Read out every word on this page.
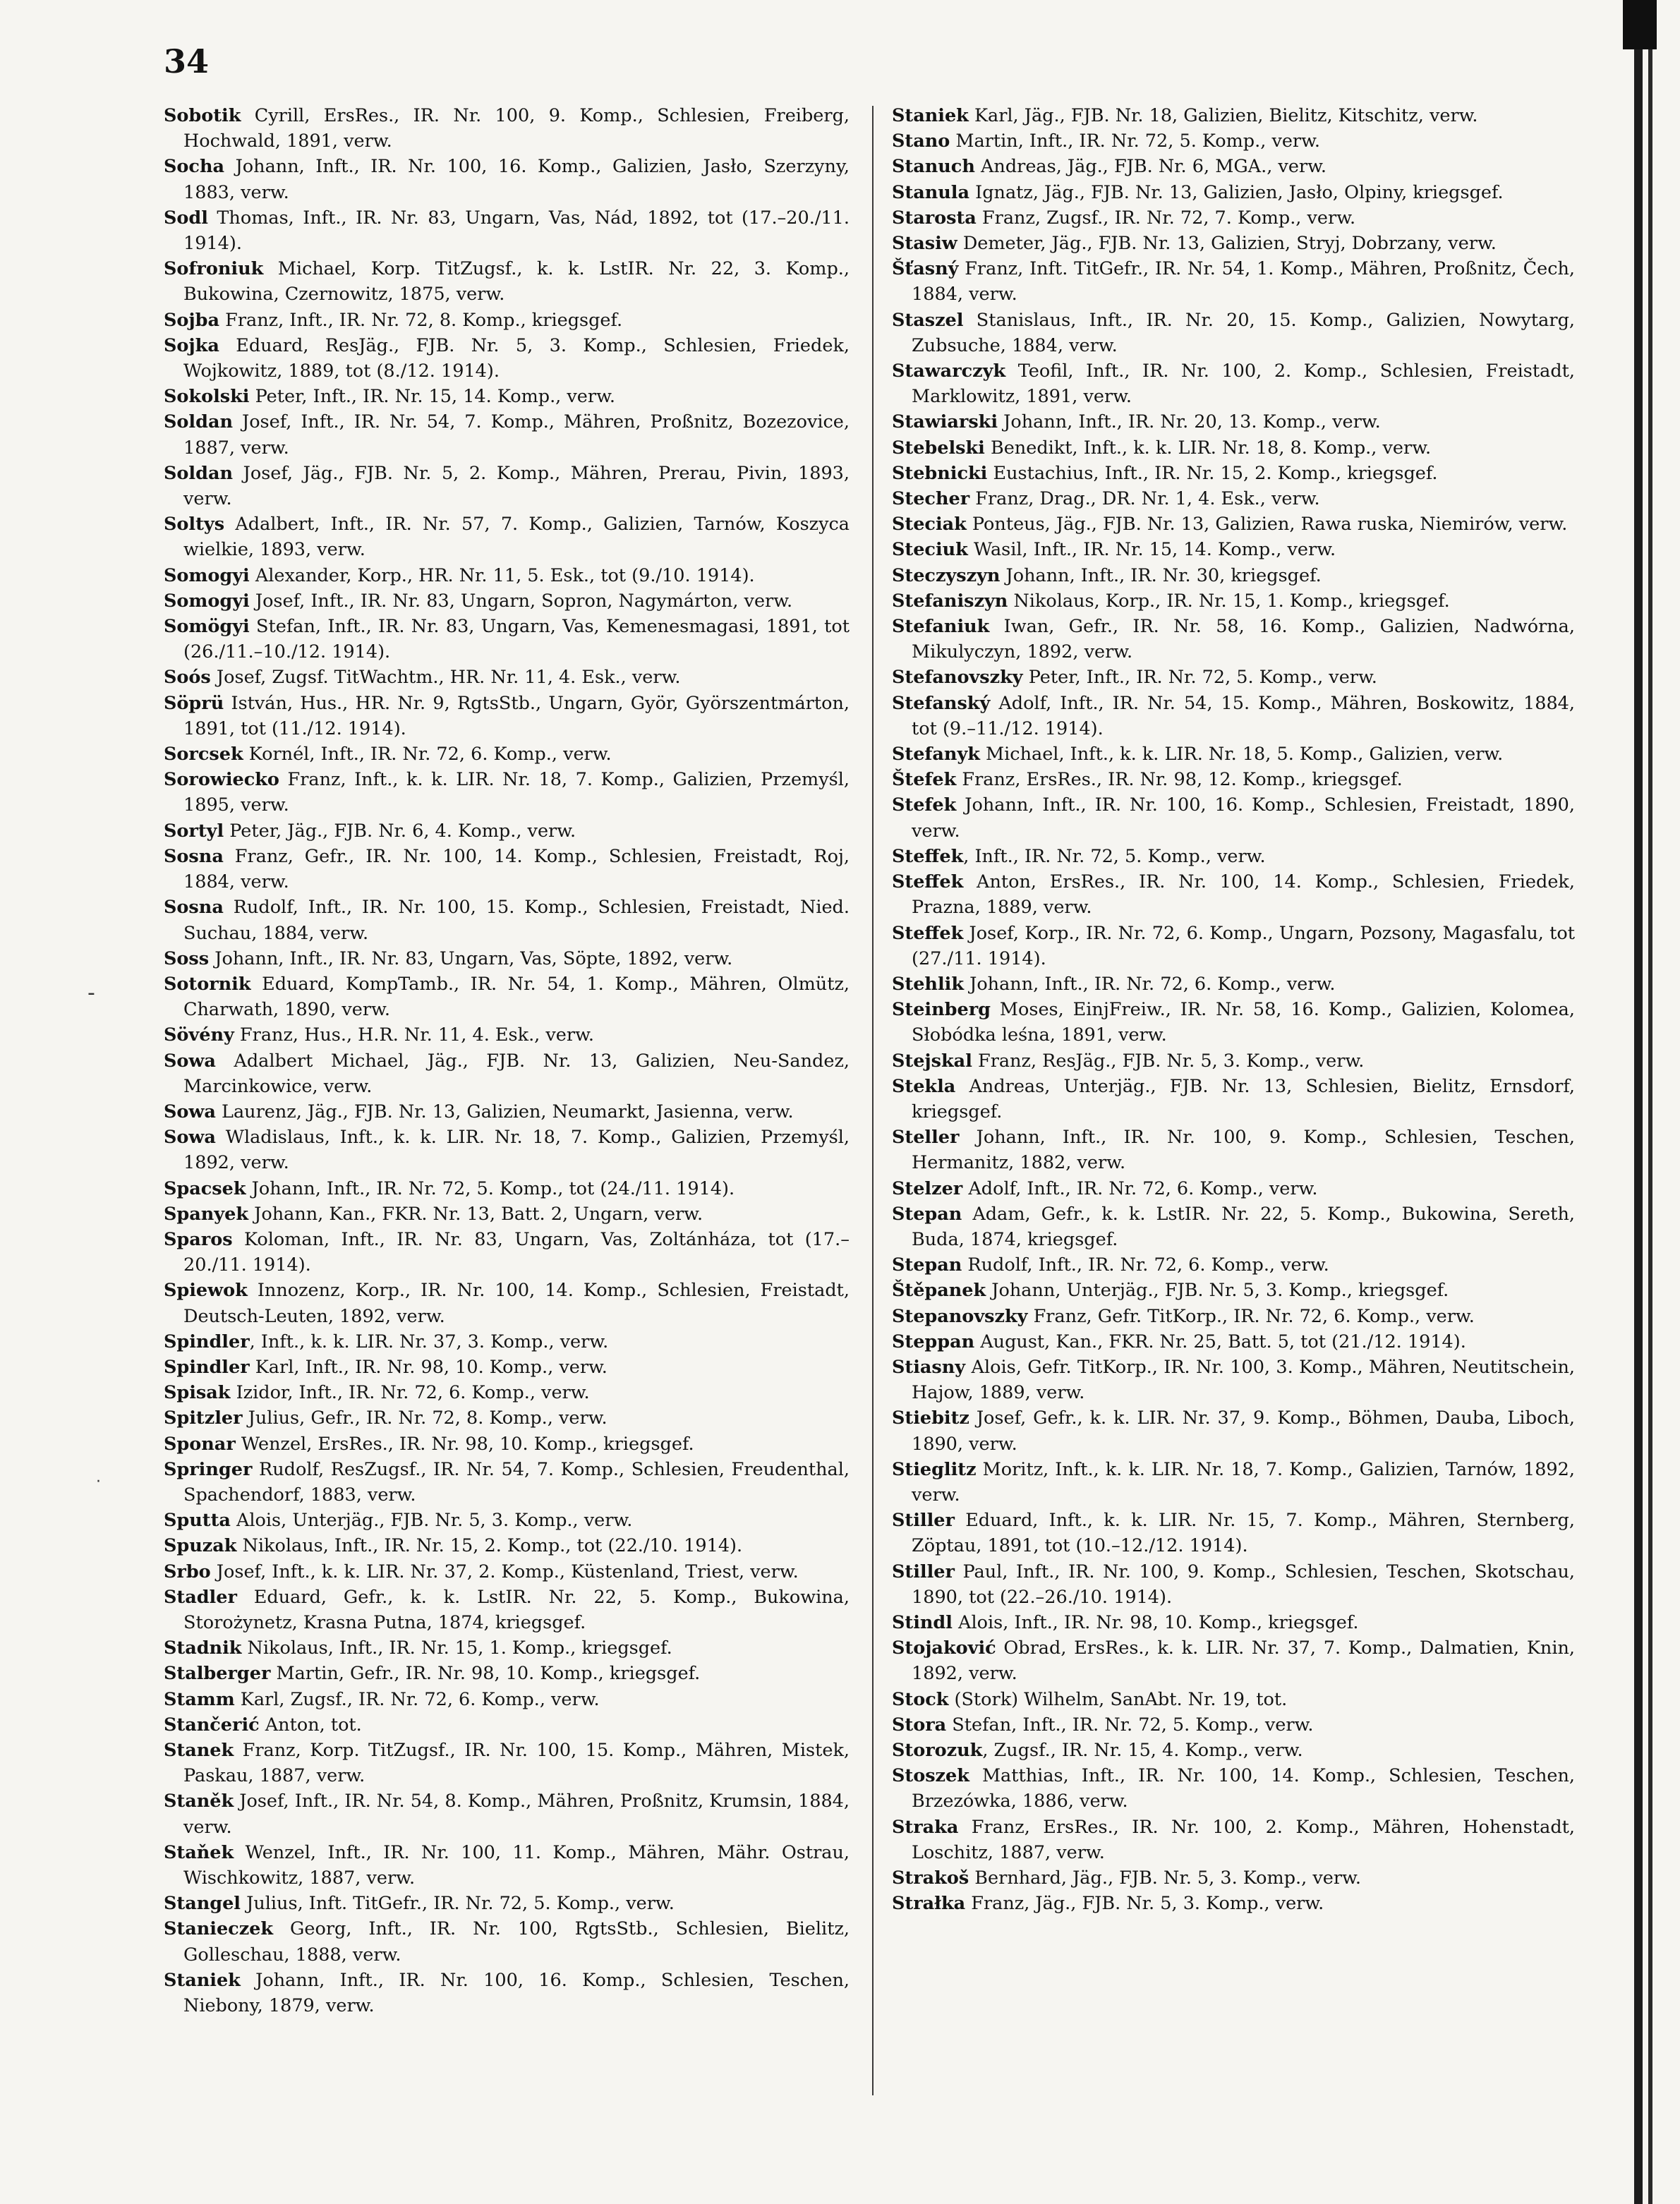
34

Sobotik Cyrill, ErsRes., IR. Nr. 100, 9. Komp., Schlesien, Freiberg, Hochwald, 1891, verw.

Socha Johann, Inft., IR. Nr. 100, 16. Komp., Galizien, Jasło, Szerzyny, 1883, verw.

Sodl Thomas, Inft., IR. Nr. 83, Ungarn, Vas, Nád, 1892, tot (17.–20./11. 1914).

Sofroniuk Michael, Korp. TitZugsf., k. k. LstIR. Nr. 22, 3. Komp., Bukowina, Czernowitz, 1875, verw.

Sojba Franz, Inft., IR. Nr. 72, 8. Komp., kriegsgef.

Sojka Eduard, ResJäg., FJB. Nr. 5, 3. Komp., Schlesien, Friedek, Wojkowitz, 1889, tot (8./12. 1914).

Sokolski Peter, Inft., IR. Nr. 15, 14. Komp., verw.

Soldan Josef, Inft., IR. Nr. 54, 7. Komp., Mähren, Proßnitz, Bozezovice, 1887, verw.

Soldan Josef, Jäg., FJB. Nr. 5, 2. Komp., Mähren, Prerau, Pivin, 1893, verw.

Soltys Adalbert, Inft., IR. Nr. 57, 7. Komp., Galizien, Tarnów, Koszyca wielkie, 1893, verw.

Somogyi Alexander, Korp., HR. Nr. 11, 5. Esk., tot (9./10. 1914).

Somogyi Josef, Inft., IR. Nr. 83, Ungarn, Sopron, Nagymárton, verw.

Somögyi Stefan, Inft., IR. Nr. 83, Ungarn, Vas, Kemenesmagasi, 1891, tot (26./11.–10./12. 1914).

Soós Josef, Zugsf. TitWachtm., HR. Nr. 11, 4. Esk., verw.

Söprü István, Hus., HR. Nr. 9, RgtsStb., Ungarn, Györ, Györszentmárton, 1891, tot (11./12. 1914).

Sorcsek Kornél, Inft., IR. Nr. 72, 6. Komp., verw.

Sorowiecko Franz, Inft., k. k. LIR. Nr. 18, 7. Komp., Galizien, Przemyśl, 1895, verw.

Sortyl Peter, Jäg., FJB. Nr. 6, 4. Komp., verw.

Sosna Franz, Gefr., IR. Nr. 100, 14. Komp., Schlesien, Freistadt, Roj, 1884, verw.

Sosna Rudolf, Inft., IR. Nr. 100, 15. Komp., Schlesien, Freistadt, Nied. Suchau, 1884, verw.

Soss Johann, Inft., IR. Nr. 83, Ungarn, Vas, Söpte, 1892, verw.

Sotornik Eduard, KompTamb., IR. Nr. 54, 1. Komp., Mähren, Olmütz, Charwath, 1890, verw.

Sövény Franz, Hus., H.R. Nr. 11, 4. Esk., verw.

Sowa Adalbert Michael, Jäg., FJB. Nr. 13, Galizien, Neu-Sandez, Marcinkowice, verw.

Sowa Laurenz, Jäg., FJB. Nr. 13, Galizien, Neumarkt, Jasienna, verw.

Sowa Wladislaus, Inft., k. k. LIR. Nr. 18, 7. Komp., Galizien, Przemyśl, 1892, verw.

Spacsek Johann, Inft., IR. Nr. 72, 5. Komp., tot (24./11. 1914).

Spanyek Johann, Kan., FKR. Nr. 13, Batt. 2, Ungarn, verw.

Sparos Koloman, Inft., IR. Nr. 83, Ungarn, Vas, Zoltánháza, tot (17.–20./11. 1914).

Spiewok Innozenz, Korp., IR. Nr. 100, 14. Komp., Schlesien, Freistadt, Deutsch-Leuten, 1892, verw.

Spindler, Inft., k. k. LIR. Nr. 37, 3. Komp., verw.

Spindler Karl, Inft., IR. Nr. 98, 10. Komp., verw.

Spisak Izidor, Inft., IR. Nr. 72, 6. Komp., verw.

Spitzler Julius, Gefr., IR. Nr. 72, 8. Komp., verw.

Sponar Wenzel, ErsRes., IR. Nr. 98, 10. Komp., kriegsgef.

Springer Rudolf, ResZugsf., IR. Nr. 54, 7. Komp., Schlesien, Freudenthal, Spachendorf, 1883, verw.

Sputta Alois, Unterjäg., FJB. Nr. 5, 3. Komp., verw.

Spuzak Nikolaus, Inft., IR. Nr. 15, 2. Komp., tot (22./10. 1914).

Srbo Josef, Inft., k. k. LIR. Nr. 37, 2. Komp., Küstenland, Triest, verw.

Stadler Eduard, Gefr., k. k. LstIR. Nr. 22, 5. Komp., Bukowina, Storożynetz, Krasna Putna, 1874, kriegsgef.

Stadnik Nikolaus, Inft., IR. Nr. 15, 1. Komp., kriegsgef.

Stalberger Martin, Gefr., IR. Nr. 98, 10. Komp., kriegsgef.

Stamm Karl, Zugsf., IR. Nr. 72, 6. Komp., verw.

Stančerić Anton, tot.

Stanek Franz, Korp. TitZugsf., IR. Nr. 100, 15. Komp., Mähren, Mistek, Paskau, 1887, verw.

Staněk Josef, Inft., IR. Nr. 54, 8. Komp., Mähren, Proßnitz, Krumsin, 1884, verw.

Staňek Wenzel, Inft., IR. Nr. 100, 11. Komp., Mähren, Mähr. Ostrau, Wischkowitz, 1887, verw.

Stangel Julius, Inft. TitGefr., IR. Nr. 72, 5. Komp., verw.

Stanieczek Georg, Inft., IR. Nr. 100, RgtsStb., Schlesien, Bielitz, Golleschau, 1888, verw.

Staniek Johann, Inft., IR. Nr. 100, 16. Komp., Schlesien, Teschen, Niebony, 1879, verw.

Staniek Karl, Jäg., FJB. Nr. 18, Galizien, Bielitz, Kitschitz, verw.

Stano Martin, Inft., IR. Nr. 72, 5. Komp., verw.

Stanuch Andreas, Jäg., FJB. Nr. 6, MGA., verw.

Stanula Ignatz, Jäg., FJB. Nr. 13, Galizien, Jasło, Olpiny, kriegsgef.

Starosta Franz, Zugsf., IR. Nr. 72, 7. Komp., verw.

Stasiw Demeter, Jäg., FJB. Nr. 13, Galizien, Stryj, Dobrzany, verw.

Šťasný Franz, Inft. TitGefr., IR. Nr. 54, 1. Komp., Mähren, Proßnitz, Čech, 1884, verw.

Staszel Stanislaus, Inft., IR. Nr. 20, 15. Komp., Galizien, Nowytarg, Zubsuche, 1884, verw.

Stawarczyk Teofil, Inft., IR. Nr. 100, 2. Komp., Schlesien, Freistadt, Marklowitz, 1891, verw.

Stawiarski Johann, Inft., IR. Nr. 20, 13. Komp., verw.

Stebelski Benedikt, Inft., k. k. LIR. Nr. 18, 8. Komp., verw.

Stebnicki Eustachius, Inft., IR. Nr. 15, 2. Komp., kriegsgef.

Stecher Franz, Drag., DR. Nr. 1, 4. Esk., verw.

Steciak Ponteus, Jäg., FJB. Nr. 13, Galizien, Rawa ruska, Niemirów, verw.

Steciuk Wasil, Inft., IR. Nr. 15, 14. Komp., verw.

Steczyszyn Johann, Inft., IR. Nr. 30, kriegsgef.

Stefaniszyn Nikolaus, Korp., IR. Nr. 15, 1. Komp., kriegsgef.

Stefaniuk Iwan, Gefr., IR. Nr. 58, 16. Komp., Galizien, Nadwórna, Mikulyczyn, 1892, verw.

Stefanovszky Peter, Inft., IR. Nr. 72, 5. Komp., verw.

Stefanský Adolf, Inft., IR. Nr. 54, 15. Komp., Mähren, Boskowitz, 1884, tot (9.–11./12. 1914).

Stefanyk Michael, Inft., k. k. LIR. Nr. 18, 5. Komp., Galizien, verw.

Štefek Franz, ErsRes., IR. Nr. 98, 12. Komp., kriegsgef.

Stefek Johann, Inft., IR. Nr. 100, 16. Komp., Schlesien, Freistadt, 1890, verw.

Steffek, Inft., IR. Nr. 72, 5. Komp., verw.

Steffek Anton, ErsRes., IR. Nr. 100, 14. Komp., Schlesien, Friedek, Prazna, 1889, verw.

Steffek Josef, Korp., IR. Nr. 72, 6. Komp., Ungarn, Pozsony, Magasfalu, tot (27./11. 1914).

Stehlik Johann, Inft., IR. Nr. 72, 6. Komp., verw.

Steinberg Moses, EinjFreiw., IR. Nr. 58, 16. Komp., Galizien, Kolomea, Słobódka leśna, 1891, verw.

Stejskal Franz, ResJäg., FJB. Nr. 5, 3. Komp., verw.

Stekla Andreas, Unterjäg., FJB. Nr. 13, Schlesien, Bielitz, Ernsdorf, kriegsgef.

Steller Johann, Inft., IR. Nr. 100, 9. Komp., Schlesien, Teschen, Hermanitz, 1882, verw.

Stelzer Adolf, Inft., IR. Nr. 72, 6. Komp., verw.

Stepan Adam, Gefr., k. k. LstIR. Nr. 22, 5. Komp., Bukowina, Sereth, Buda, 1874, kriegsgef.

Stepan Rudolf, Inft., IR. Nr. 72, 6. Komp., verw.

Štěpanek Johann, Unterjäg., FJB. Nr. 5, 3. Komp., kriegsgef.

Stepanovszky Franz, Gefr. TitKorp., IR. Nr. 72, 6. Komp., verw.

Steppan August, Kan., FKR. Nr. 25, Batt. 5, tot (21./12. 1914).

Stiasny Alois, Gefr. TitKorp., IR. Nr. 100, 3. Komp., Mähren, Neutitschein, Hajow, 1889, verw.

Stiebitz Josef, Gefr., k. k. LIR. Nr. 37, 9. Komp., Böhmen, Dauba, Liboch, 1890, verw.

Stieglitz Moritz, Inft., k. k. LIR. Nr. 18, 7. Komp., Galizien, Tarnów, 1892, verw.

Stiller Eduard, Inft., k. k. LIR. Nr. 15, 7. Komp., Mähren, Sternberg, Zöptau, 1891, tot (10.–12./12. 1914).

Stiller Paul, Inft., IR. Nr. 100, 9. Komp., Schlesien, Teschen, Skotschau, 1890, tot (22.–26./10. 1914).

Stindl Alois, Inft., IR. Nr. 98, 10. Komp., kriegsgef.

Stojaković Obrad, ErsRes., k. k. LIR. Nr. 37, 7. Komp., Dalmatien, Knin, 1892, verw.

Stock (Stork) Wilhelm, SanAbt. Nr. 19, tot.

Stora Stefan, Inft., IR. Nr. 72, 5. Komp., verw.

Storozuk, Zugsf., IR. Nr. 15, 4. Komp., verw.

Stoszek Matthias, Inft., IR. Nr. 100, 14. Komp., Schlesien, Teschen, Brzezówka, 1886, verw.

Straka Franz, ErsRes., IR. Nr. 100, 2. Komp., Mähren, Hohenstadt, Loschitz, 1887, verw.

Strakoš Bernhard, Jäg., FJB. Nr. 5, 3. Komp., verw.

Strałka Franz, Jäg., FJB. Nr. 5, 3. Komp., verw.

-
·
